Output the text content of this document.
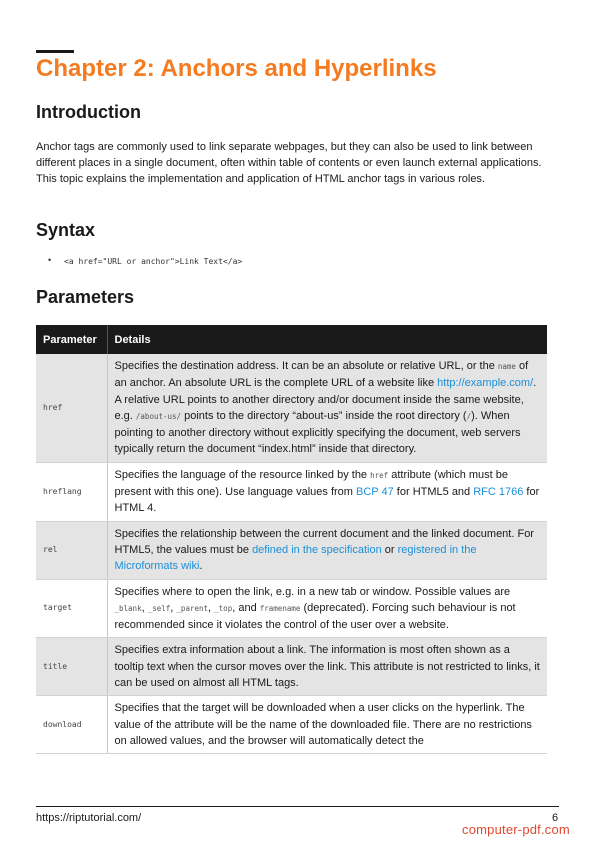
Chapter 2: Anchors and Hyperlinks
Introduction

Anchor tags are commonly used to link separate webpages, but they can also be used to link between different places in a single document, often within table of contents or even launch external applications. This topic explains the implementation and application of HTML anchor tags in various roles.

Syntax
• <a href="URL or anchor">Link Text</a>
Parameters
Parameter	Details
href	Specifies the destination address. It can be an absolute or relative URL, or the name of an anchor. An absolute URL is the complete URL of a website like http://example.com/. A relative URL points to another directory and/or document inside the same website, e.g. /about-us/ points to the directory “about-us” inside the root directory (/). When pointing to another directory without explicitly specifying the document, web servers typically return the document “index.html” inside that directory.
hreflang	Specifies the language of the resource linked by the href attribute (which must be present with this one). Use language values from BCP 47 for HTML5 and RFC 1766 for HTML 4.
rel	Specifies the relationship between the current document and the linked document. For HTML5, the values must be defined in the specification or registered in the Microformats wiki.
target	Specifies where to open the link, e.g. in a new tab or window. Possible values are _blank, _self, _parent, _top, and framename (deprecated). Forcing such behaviour is not recommended since it violates the control of the user over a website.
title	Specifies extra information about a link. The information is most often shown as a tooltip text when the cursor moves over the link. This attribute is not restricted to links, it can be used on almost all HTML tags.
download	Specifies that the target will be downloaded when a user clicks on the hyperlink. The value of the attribute will be the name of the downloaded file. There are no restrictions on allowed values, and the browser will automatically detect the
https://riptutorial.com/	6
computer-pdf.com
